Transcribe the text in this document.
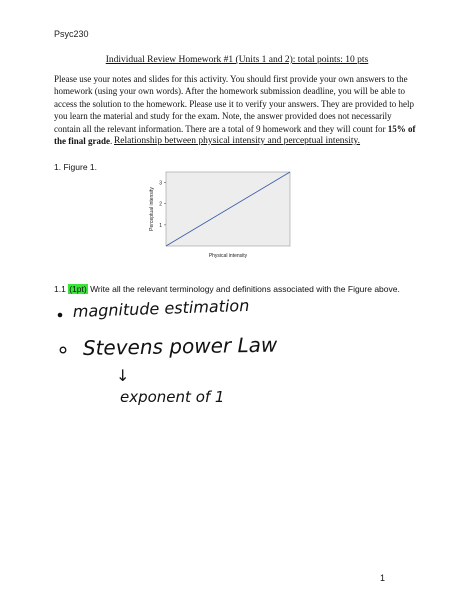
Psyc230
Individual Review Homework #1 (Units 1 and 2): total points: 10 pts
Please use your notes and slides for this activity. You should first provide your own answers to the homework (using your own words). After the homework submission deadline, you will be able to access the solution to the homework. Please use it to verify your answers. They are provided to help you learn the material and study for the exam. Note, the answer provided does not necessarily contain all the relevant information. There are a total of 9 homework and they will count for 15% of the final grade. Relationship between physical intensity and perceptual intensity.
1. Figure 1.
1
2
3
Physical intensity
Perceptual intensity
1.1 (1pt) Write all the relevant terminology and definitions associated with the Figure above.
magnitude estimation
Stevens power Law
↓
exponent of 1
1
